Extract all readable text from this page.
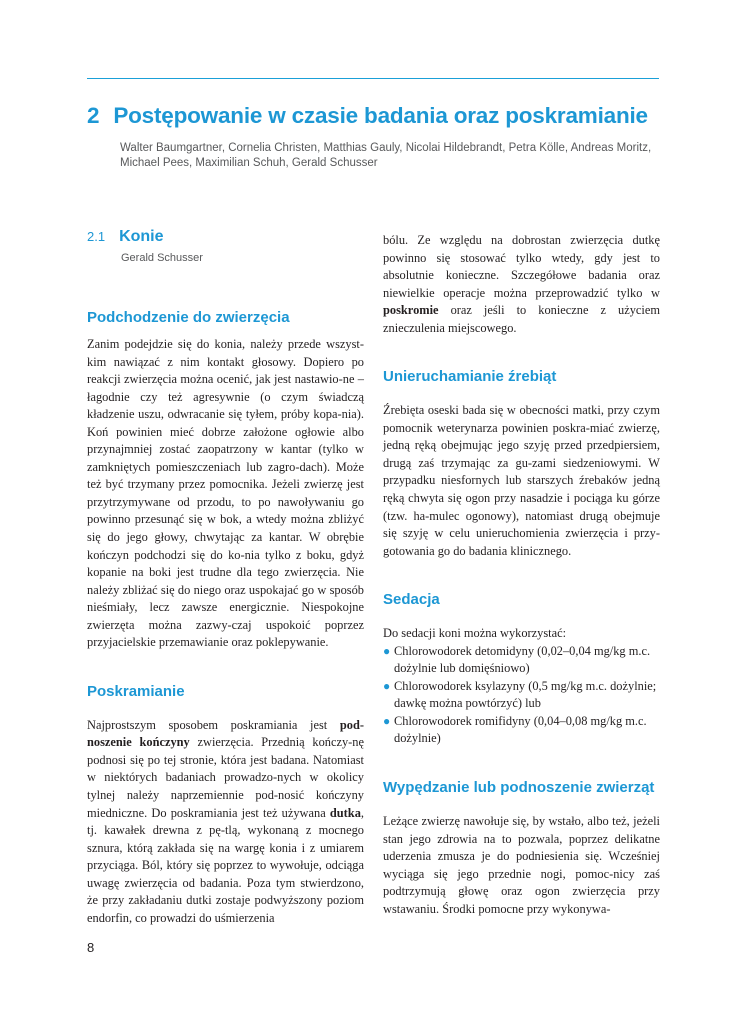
2 Postępowanie w czasie badania oraz poskramianie

Walter Baumgartner, Cornelia Christen, Matthias Gauly, Nicolai Hildebrandt, Petra Kölle, Andreas Moritz, Michael Pees, Maximilian Schuh, Gerald Schusser

2.1 Konie
Gerald Schusser
Podchodzenie do zwierzęcia

Zanim podejdzie się do konia, należy przede wszyst-kim nawiązać z nim kontakt głosowy. Dopiero po reakcji zwierzęcia można ocenić, jak jest nastawio-ne – łagodnie czy też agresywnie (o czym świadczą kładzenie uszu, odwracanie się tyłem, próby kopa-nia). Koń powinien mieć dobrze założone ogłowie albo przynajmniej zostać zaopatrzony w kantar (tylko w zamkniętych pomieszczeniach lub zagro-dach). Może też być trzymany przez pomocnika. Jeżeli zwierzę jest przytrzymywane od przodu, to po nawoływaniu go powinno przesunąć się w bok, a wtedy można zbliżyć się do jego głowy, chwytając za kantar. W obrębie kończyn podchodzi się do ko-nia tylko z boku, gdyż kopanie na boki jest trudne dla tego zwierzęcia. Nie należy zbliżać się do niego oraz uspokajać go w sposób nieśmiały, lecz zawsze energicznie. Niespokojne zwierzęta można zazwy-czaj uspokoić poprzez przyjacielskie przemawianie oraz poklepywanie.

Poskramianie

Najprostszym sposobem poskramiania jest pod-noszenie kończyny zwierzęcia. Przednią kończy-nę podnosi się po tej stronie, która jest badana. Natomiast w niektórych badaniach prowadzo-nych w okolicy tylnej należy naprzemiennie pod-nosić kończyny miedniczne. Do poskramiania jest też używana dutka, tj. kawałek drewna z pę-tlą, wykonaną z mocnego sznura, którą zakłada się na wargę konia i z umiarem przyciąga. Ból, który się poprzez to wywołuje, odciąga uwagę zwierzęcia od badania. Poza tym stwierdzono, że przy zakładaniu dutki zostaje podwyższony poziom endorfin, co prowadzi do uśmierzenia

bólu. Ze względu na dobrostan zwierzęcia dutkę powinno się stosować tylko wtedy, gdy jest to absolutnie konieczne. Szczegółowe badania oraz niewielkie operacje można przeprowadzić tylko w poskromie oraz jeśli to konieczne z użyciem znieczulenia miejscowego.

Unieruchamianie źrebiąt

Źrebięta oseski bada się w obecności matki, przy czym pomocnik weterynarza powinien poskra-miać zwierzę, jedną ręką obejmując jego szyję przed przedpiersiem, drugą zaś trzymając za gu-zami siedzeniowymi. W przypadku niesfornych lub starszych źrebaków jedną ręką chwyta się ogon przy nasadzie i pociąga ku górze (tzw. ha-mulec ogonowy), natomiast drugą obejmuje się szyję w celu unieruchomienia zwierzęcia i przy-gotowania go do badania klinicznego.

Sedacja

Do sedacji koni można wykorzystać:

● Chlorowodorek detomidyny (0,02–0,04 mg/kg m.c. dożylnie lub domięśniowo)
● Chlorowodorek ksylazyny (0,5 mg/kg m.c. dożylnie; dawkę można powtórzyć) lub
● Chlorowodorek romifidyny (0,04–0,08 mg/kg m.c. dożylnie)
Wypędzanie lub podnoszenie zwierząt

Leżące zwierzę nawołuje się, by wstało, albo też, jeżeli stan jego zdrowia na to pozwala, poprzez delikatne uderzenia zmusza je do podniesienia się. Wcześniej wyciąga się jego przednie nogi, pomoc-nicy zaś podtrzymują głowę oraz ogon zwierzęcia przy wstawaniu. Środki pomocne przy wykonywa-

8
